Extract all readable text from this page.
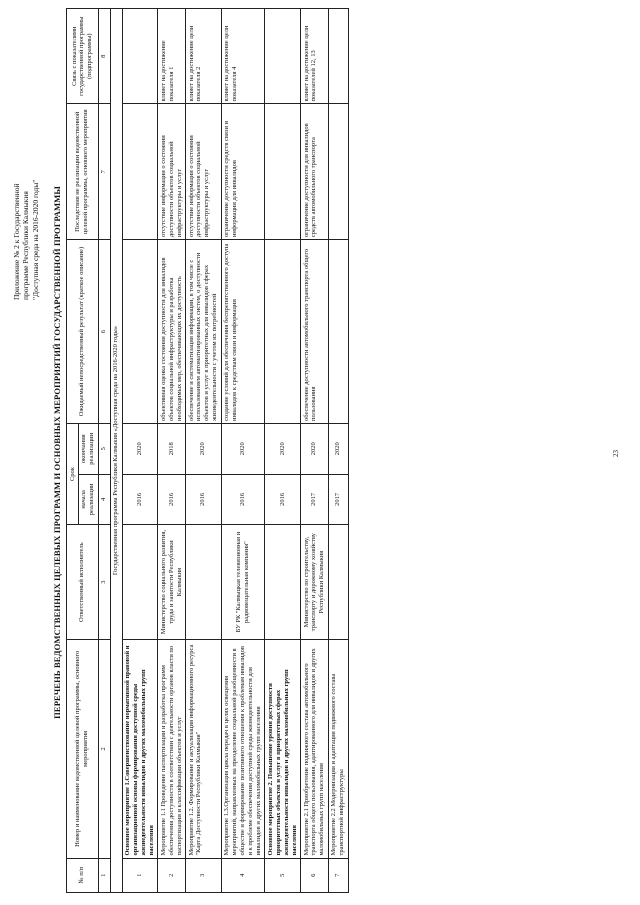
Приложение № 2 к Государственной программе Республики Калмыкия "Доступная среда на 2016-2020 годы" ПЕРЕЧЕНЬ ВЕДОМСТВЕННЫХ ЦЕЛЕВЫХ ПРОГРАММ И ОСНОВНЫХ МЕРОПРИЯТИЙ ГОСУДАРСТВЕННОЙ ПРОГРАММЫ
№ п/п	Номер и наименование ведомственной целевой программы, основного мероприятия	Ответственный исполнитель	Срок		Ожидаемый непосредственный результат (краткое описание)	Последствия не реализации ведомственной целевой программы, основного мероприятия	Связь с показателями государственной программы (подпрограммы)
			начала реализации	окончания реализации			
1	2	3	4	5	6	7	8
Государственная программа Республики Калмыкия «Доступная среда на 2016-2020 годы»							
1	Основное мероприятие 1.Совершенствование нормативной правовой и организационной основы формирования доступной среды жизнедеятельности инвалидов и других маломобильных групп населения		2016	2020			
2	Мероприятие 1.1 Проведение паспортизации и разработка программ обеспечения доступности в соответствии с деятельности органов власти по паспортизации и классификации объектов и услуг	Министерство социального развития, труда и занятости Республики Калмыкия	2016	2018	объективная оценка состояния доступности для инвалидов объектов социальной инфраструктуры и разработка необходимых мер, обеспечивающих их доступность	отсутствие информации о состоянии доступности объектов социальной инфраструктуры и услуг	влияет на достижение показателя 1
3	Мероприятие 1.2. Формирование и актуализация информационного ресурса "Карта Доступности Республики Калмыкия"		2016	2020	обеспечение и систематизация информации, в том числе с использованием автоматизированных систем, о доступности объектов и услуг в приоритетных для инвалидов сферах жизнедеятельности с учетом их потребностей	отсутствие информации о состоянии доступности объектов социальной инфраструктуры и услуг	влияет на достижение цели показателя 2
4	Мероприятие 1.3.Организация цикла передач в целях освещения мероприятий, направленных на преодоление социальной разобщенности в обществе и формирование позитивного отношения к проблемам инвалидов и к проблеме обеспечения доступной среды жизнедеятельности для инвалидов и других маломобильных групп населения	БУ РК "Калмыцкая телевизионная и радиовещательная компания"	2016	2020	создание условий для обеспечения беспрепятственного доступа инвалидов к средствам связи и информации	ограничение доступности средств связи и информации для инвалидов	влияет на достижение цели показателя 4
5	Основное мероприятие 2. Повышение уровня доступности приоритетных объектов и услуг в приоритетных сферах жизнедеятельности инвалидов и других маломобильных групп населения		2016	2020			
6	Мероприятие 2.1 Приобретение подвижного состава автомобильного транспорта общего пользования, адаптированного для инвалидов и других маломобильных групп населения	Министерство по строительству, транспорту и дорожному хозяйству Республики Калмыкия	2017	2020	обеспечение доступности автомобильного транспорта общего пользования	ограничение доступности для инвалидов средств автомобильного транспорта	влияет на достижение цели показателей 12, 13
7	Мероприятие 2.2 Модернизация и адаптация подвижного состава транспортной инфраструктуры		2017	2020				23
